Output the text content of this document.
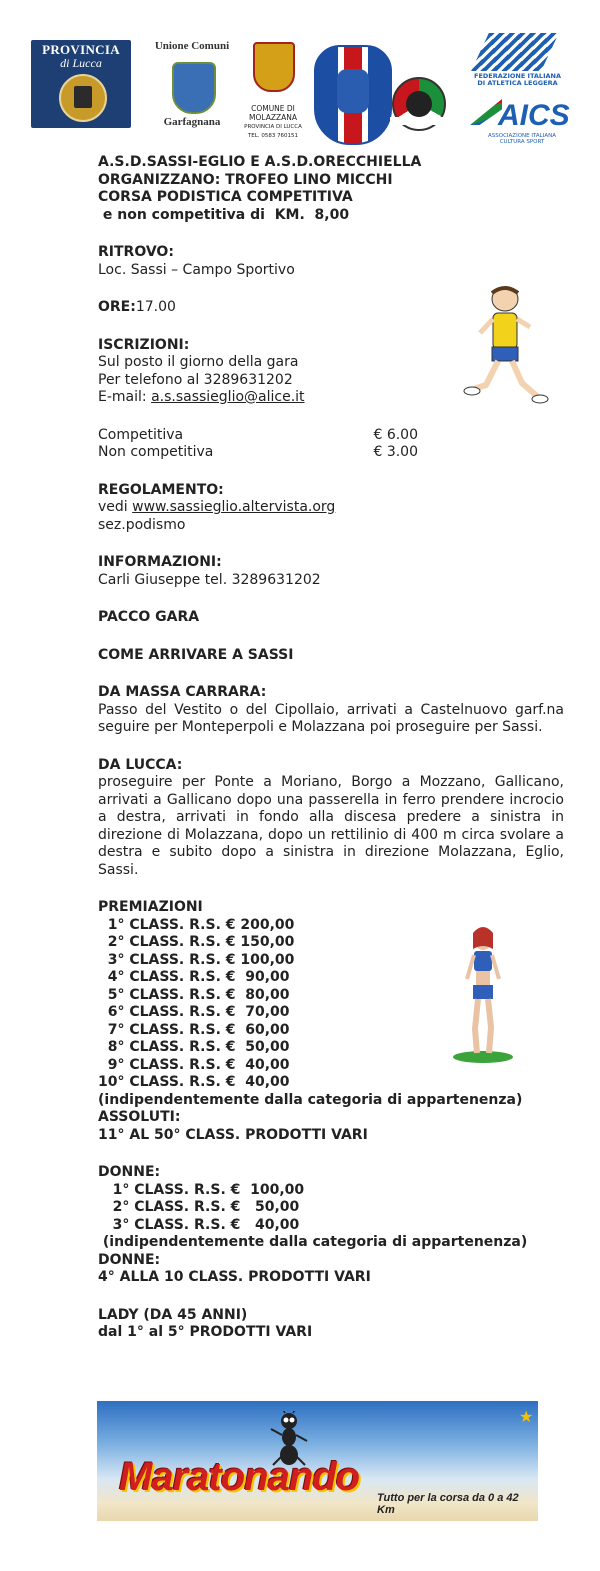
PROVINCIA
di Lucca
Unione Comuni
Garfagnana
COMUNE DI
MOLAZZANA
PROVINCIA DI LUCCA
TEL. 0583 760151

FEDERAZIONE ITALIANA DI ATLETICA LEGGERA
AICS
ASSOCIAZIONE ITALIANA CULTURA SPORT
A.S.D.SASSI-EGLIO E A.S.D.ORECCHIELLA
ORGANIZZANO: TROFEO LINO MICCHI
CORSA PODISTICA COMPETITIVA
e non competitiva di  KM.  8,00
RITROVO:
Loc. Sassi – Campo Sportivo
ORE:17.00
ISCRIZIONI:
Sul posto il giorno della gara
Per telefono al 3289631202
E-mail: a.s.sassieglio@alice.it
Competitiva	€ 6.00
Non competitiva	€ 3.00
REGOLAMENTO:
vedi www.sassieglio.altervista.org
sez.podismo
INFORMAZIONI:
Carli Giuseppe tel. 3289631202
PACCO GARA
COME ARRIVARE A SASSI
DA MASSA CARRARA:
Passo del Vestito o del Cipollaio, arrivati a Castelnuovo garf.na seguire per Monteperpoli e Molazzana poi proseguire per Sassi.
DA LUCCA:
proseguire per Ponte a Moriano, Borgo a Mozzano, Gallicano, arrivati a Gallicano dopo una passerella in ferro prendere incrocio a destra, arrivati in fondo alla discesa predere a sinistra in direzione di Molazzana, dopo un rettilinio di 400 m circa svolare a destra e subito dopo a sinistra in direzione Molazzana, Eglio, Sassi.
PREMIAZIONI
1° CLASS. R.S. € 200,00
2° CLASS. R.S. € 150,00
3° CLASS. R.S. € 100,00
4° CLASS. R.S. €  90,00
5° CLASS. R.S. €  80,00
6° CLASS. R.S. €  70,00
7° CLASS. R.S. €  60,00
8° CLASS. R.S. €  50,00
9° CLASS. R.S. €  40,00
10° CLASS. R.S. €  40,00
(indipendentemente dalla categoria di appartenenza)
ASSOLUTI:
11° AL 50° CLASS. PRODOTTI VARI
DONNE:
1° CLASS. R.S. €  100,00
2° CLASS. R.S. €   50,00
3° CLASS. R.S. €   40,00
(indipendentemente dalla categoria di appartenenza)
DONNE:
4° ALLA 10 CLASS. PRODOTTI VARI
LADY (DA 45 ANNI)
dal 1° al 5° PRODOTTI VARI
★
Maratonando Tutto per la corsa da 0 a 42 Km
